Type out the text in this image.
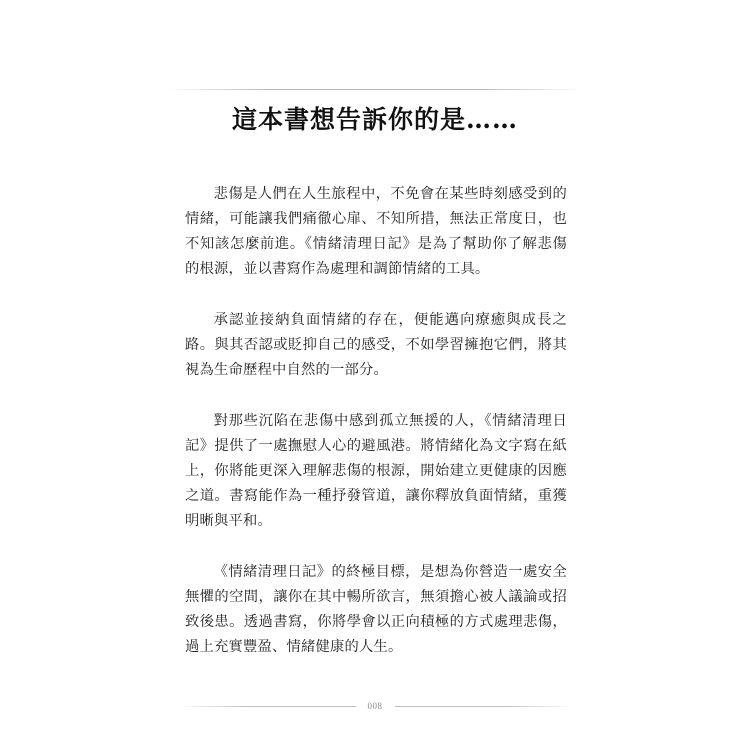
這本書想告訴你的是……

悲傷是人們在人生旅程中，不免會在某些時刻感受到的情緒，可能讓我們痛徹心扉、不知所措，無法正常度日，也不知該怎麼前進。《情緒清理日記》是為了幫助你了解悲傷的根源，並以書寫作為處理和調節情緒的工具。

承認並接納負面情緒的存在，便能邁向療癒與成長之路。與其否認或貶抑自己的感受，不如學習擁抱它們，將其視為生命歷程中自然的一部分。

對那些沉陷在悲傷中感到孤立無援的人，《情緒清理日記》提供了一處撫慰人心的避風港。將情緒化為文字寫在紙上，你將能更深入理解悲傷的根源，開始建立更健康的因應之道。書寫能作為一種抒發管道，讓你釋放負面情緒，重獲明晰與平和。

《情緒清理日記》的終極目標，是想為你營造一處安全無懼的空間，讓你在其中暢所欲言，無須擔心被人議論或招致後患。透過書寫，你將學會以正向積極的方式處理悲傷，過上充實豐盈、情緒健康的人生。

008
